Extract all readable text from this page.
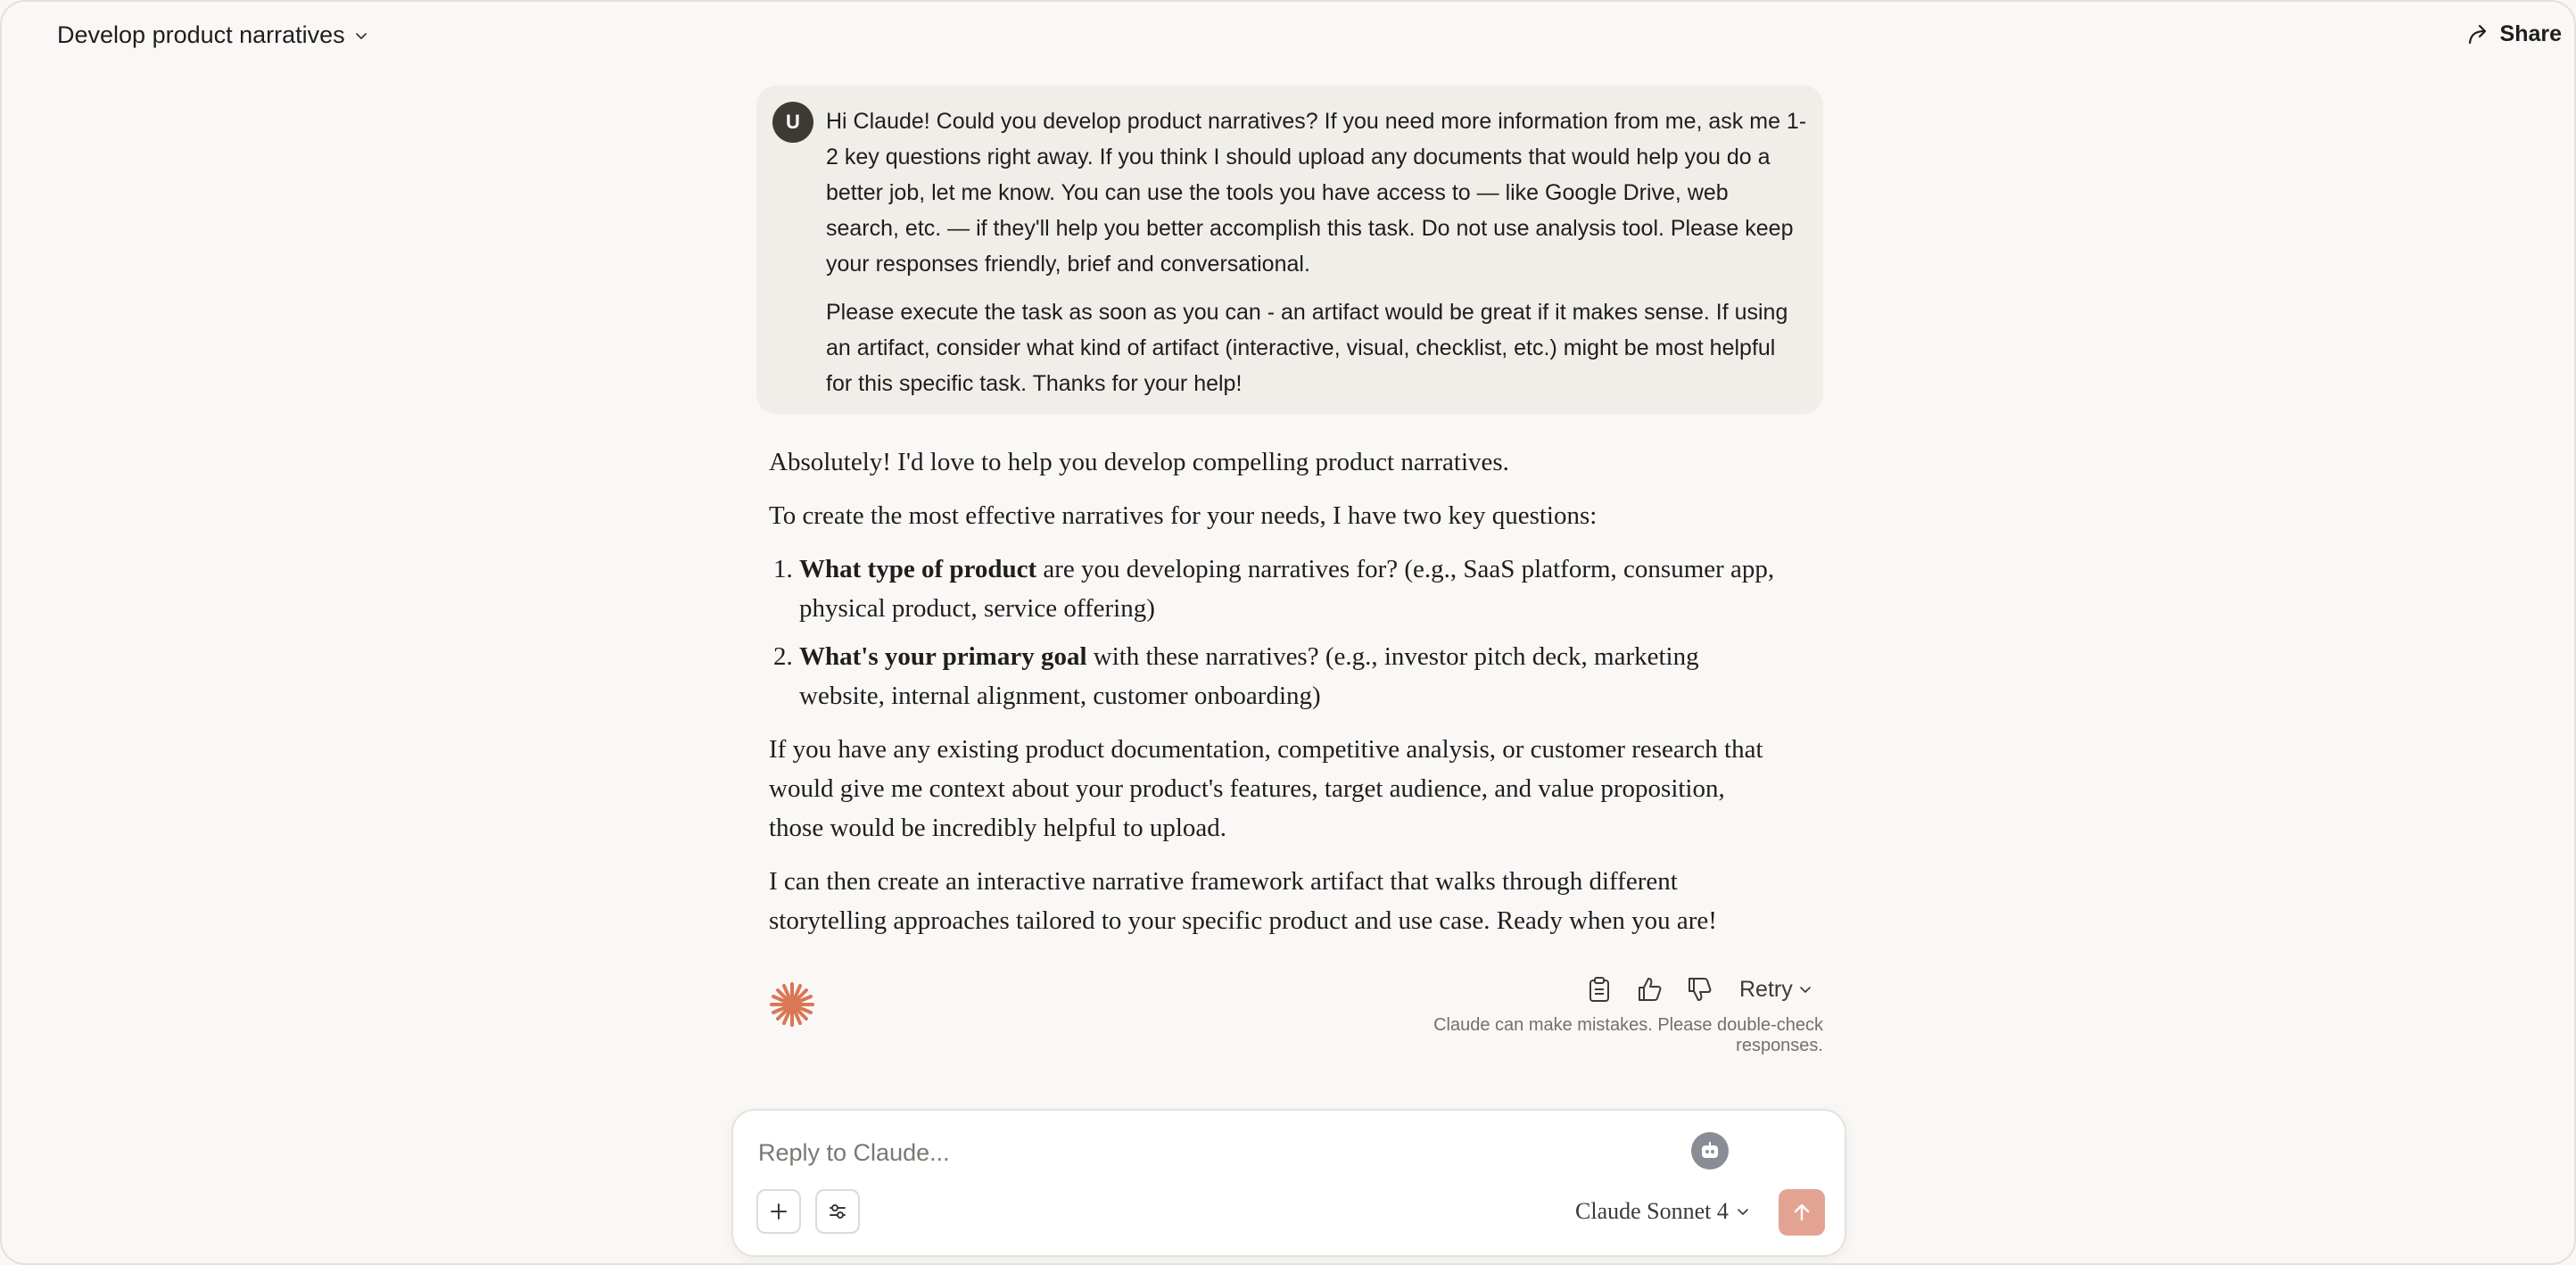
Develop product narratives	Share
U	Hi Claude! Could you develop product narratives? If you need more information from me, ask me 1-2 key questions right away. If you think I should upload any documents that would help you do a better job, let me know. You can use the tools you have access to — like Google Drive, web search, etc. — if they'll help you better accomplish this task. Do not use analysis tool. Please keep your responses friendly, brief and conversational.

Please execute the task as soon as you can - an artifact would be great if it makes sense. If using an artifact, consider what kind of artifact (interactive, visual, checklist, etc.) might be most helpful for this specific task. Thanks for your help!

Absolutely! I'd love to help you develop compelling product narratives.

To create the most effective narratives for your needs, I have two key questions:

1. What type of product are you developing narratives for? (e.g., SaaS platform, consumer app, physical product, service offering)
2. What's your primary goal with these narratives? (e.g., investor pitch deck, marketing website, internal alignment, customer onboarding)

If you have any existing product documentation, competitive analysis, or customer research that would give me context about your product's features, target audience, and value proposition, those would be incredibly helpful to upload.

I can then create an interactive narrative framework artifact that walks through different storytelling approaches tailored to your specific product and use case. Ready when you are!

Retry
Claude can make mistakes. Please double-check responses.
Reply to Claude...
Claude Sonnet 4
